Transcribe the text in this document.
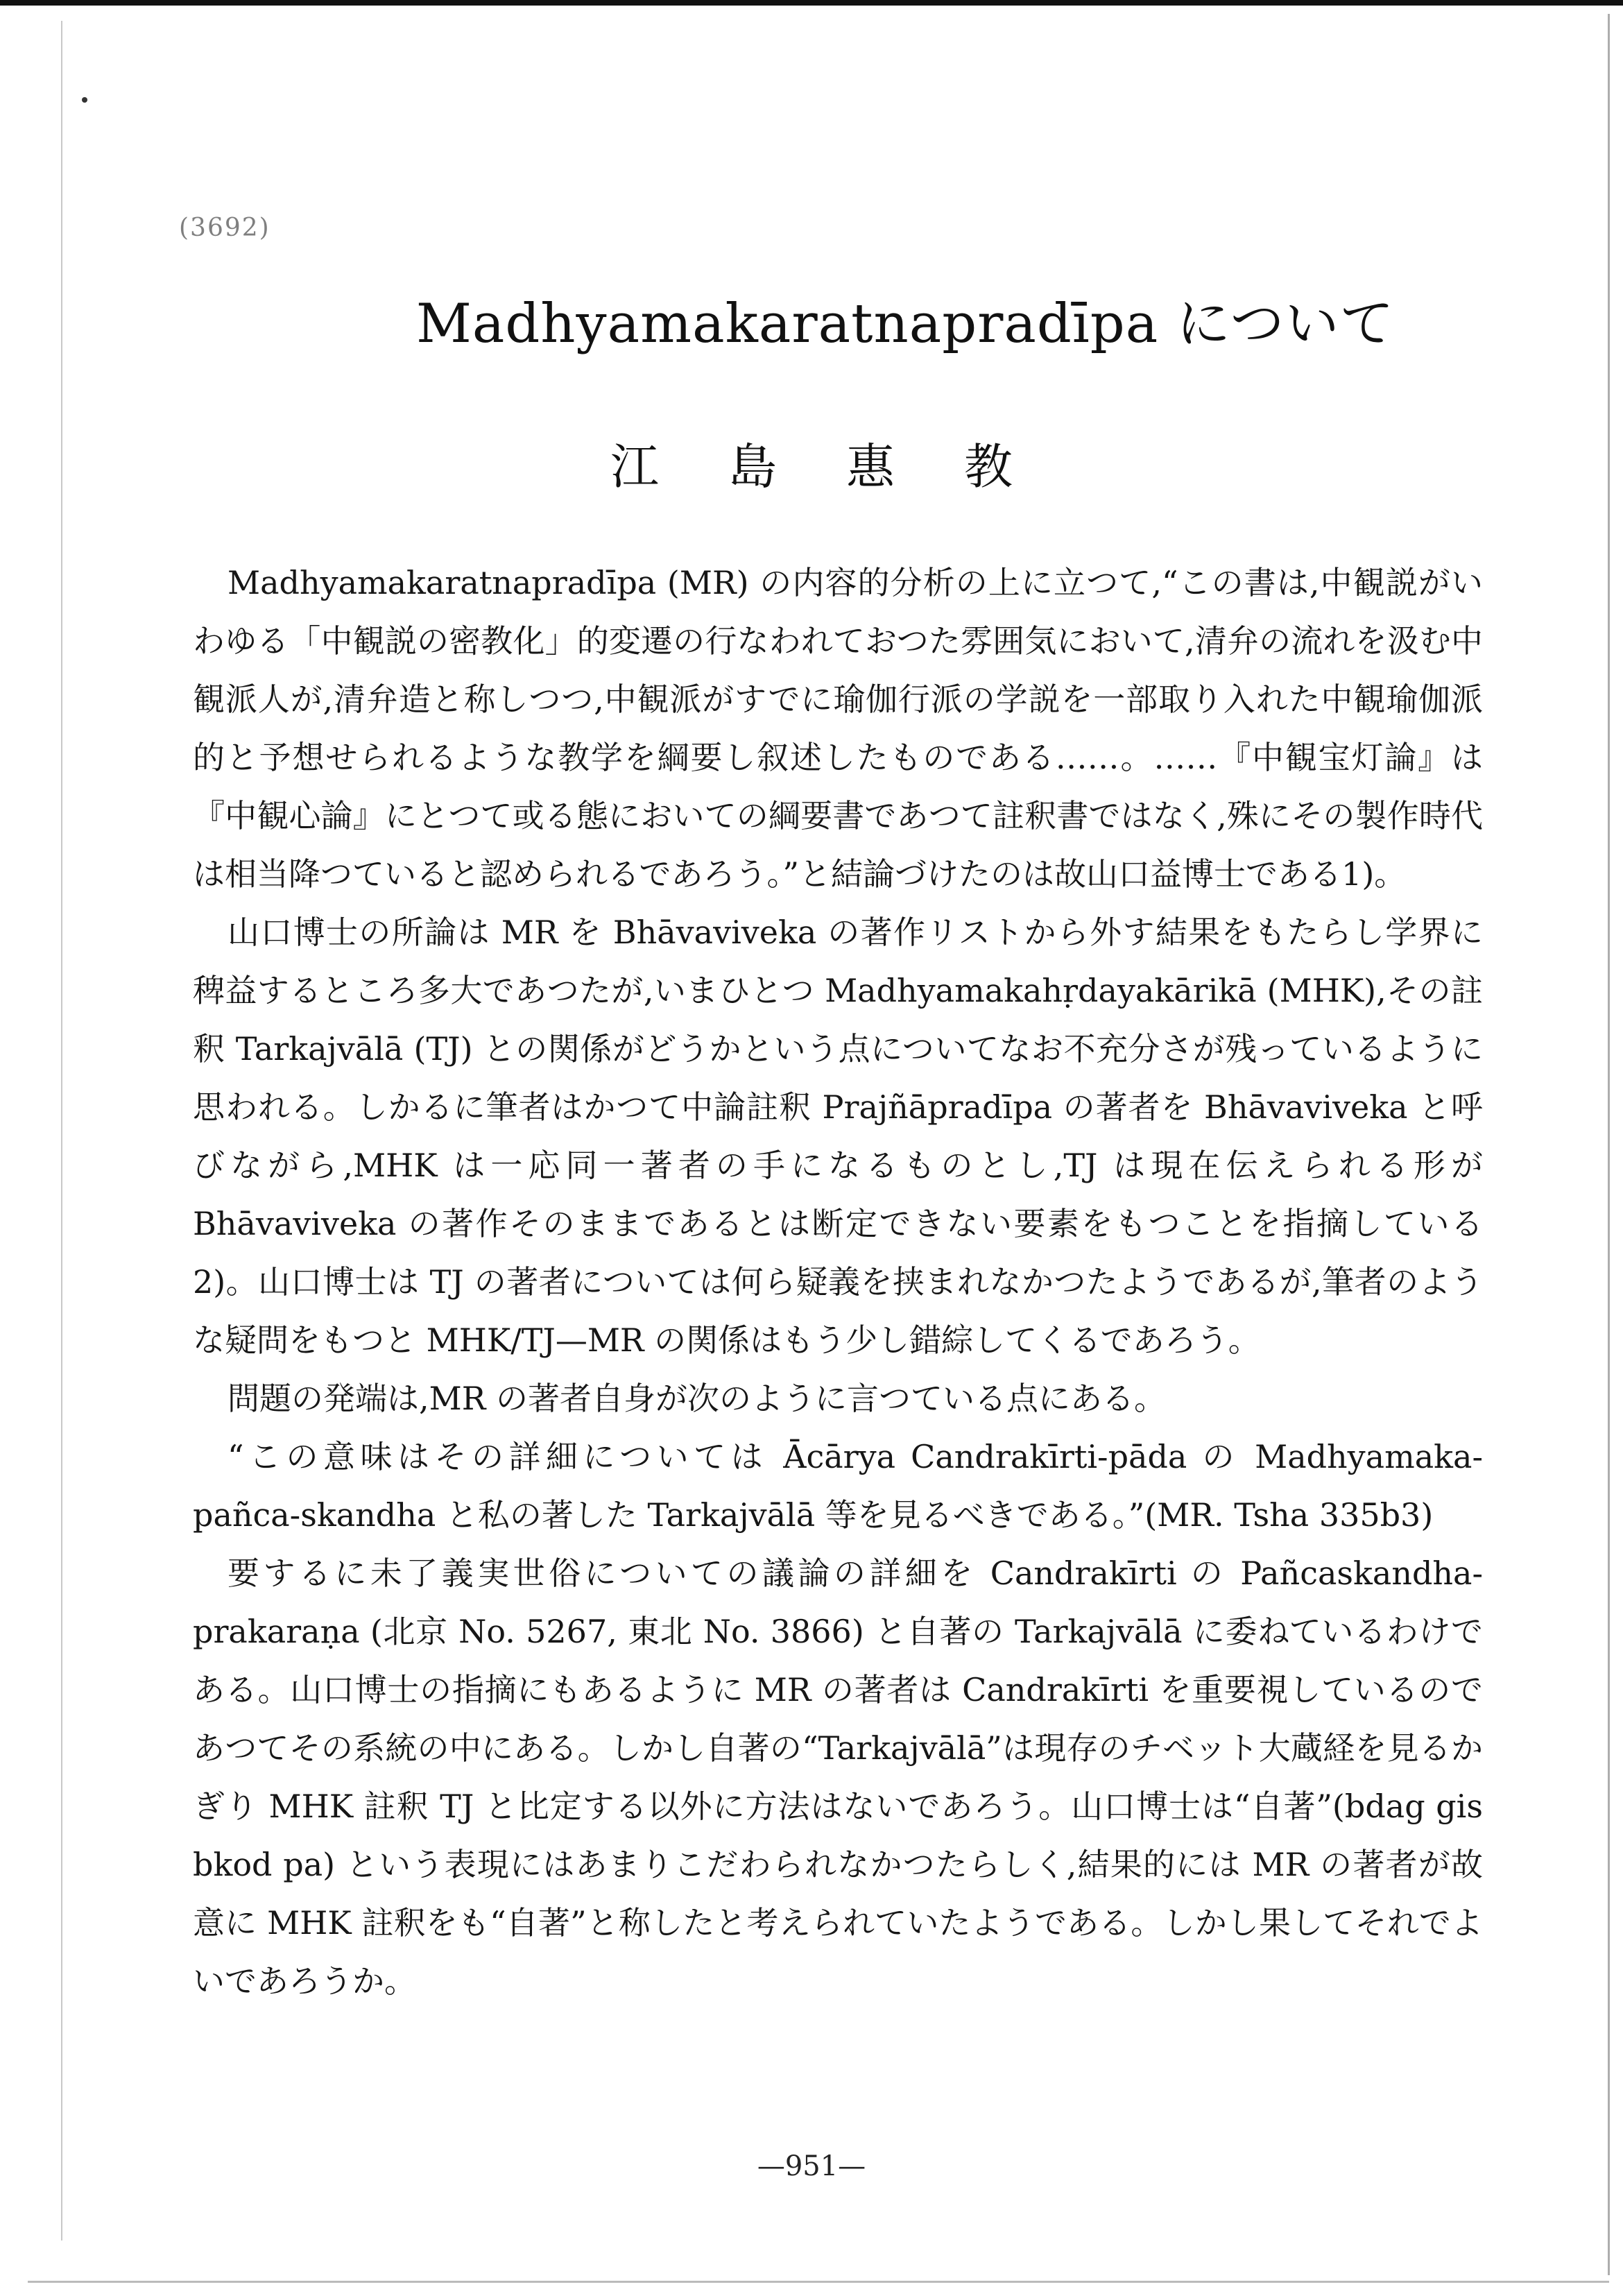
(3692)
Madhyamakaratnapradīpa について
江島惠教

Madhyamakaratnapradīpa (MR) の内容的分析の上に立つて,“この書は,中観説がいわゆる「中観説の密教化」的変遷の行なわれておつた雰囲気において,清弁の流れを汲む中観派人が,清弁造と称しつつ,中観派がすでに瑜伽行派の学説を一部取り入れた中観瑜伽派的と予想せられるような教学を綱要し叙述したものである……。……『中観宝灯論』は『中観心論』にとつて或る態においての綱要書であつて註釈書ではなく,殊にその製作時代は相当降つていると認められるであろう。”と結論づけたのは故山口益博士である1)。

山口博士の所論は MR を Bhāvaviveka の著作リストから外す結果をもたらし学界に稗益するところ多大であつたが,いまひとつ Madhyamakahṛdayakārikā (MHK),その註釈 Tarkajvālā (TJ) との関係がどうかという点についてなお不充分さが残っているように思われる。しかるに筆者はかつて中論註釈 Prajñāpradīpa の著者を Bhāvaviveka と呼びながら,MHK は一応同一著者の手になるものとし,TJ は現在伝えられる形が Bhāvaviveka の著作そのままであるとは断定できない要素をもつことを指摘している2)。山口博士は TJ の著者については何ら疑義を挟まれなかつたようであるが,筆者のような疑問をもつと MHK/TJ—MR の関係はもう少し錯綜してくるであろう。

問題の発端は,MR の著者自身が次のように言つている点にある。

“この意味はその詳細については Ācārya Candrakīrti-pāda の Madhyamaka-pañca-skandha と私の著した Tarkajvālā 等を見るべきである。”(MR. Tsha 335b3)

要するに未了義実世俗についての議論の詳細を Candrakīrti の Pañcaskandha-prakaraṇa (北京 No. 5267, 東北 No. 3866) と自著の Tarkajvālā に委ねているわけである。山口博士の指摘にもあるように MR の著者は Candrakīrti を重要視しているのであつてその系統の中にある。しかし自著の“Tarkajvālā”は現存のチベット大蔵経を見るかぎり MHK 註釈 TJ と比定する以外に方法はないであろう。山口博士は“自著”(bdag gis bkod pa) という表現にはあまりこだわられなかつたらしく,結果的には MR の著者が故意に MHK 註釈をも“自著”と称したと考えられていたようである。しかし果してそれでよいであろうか。

—951—
